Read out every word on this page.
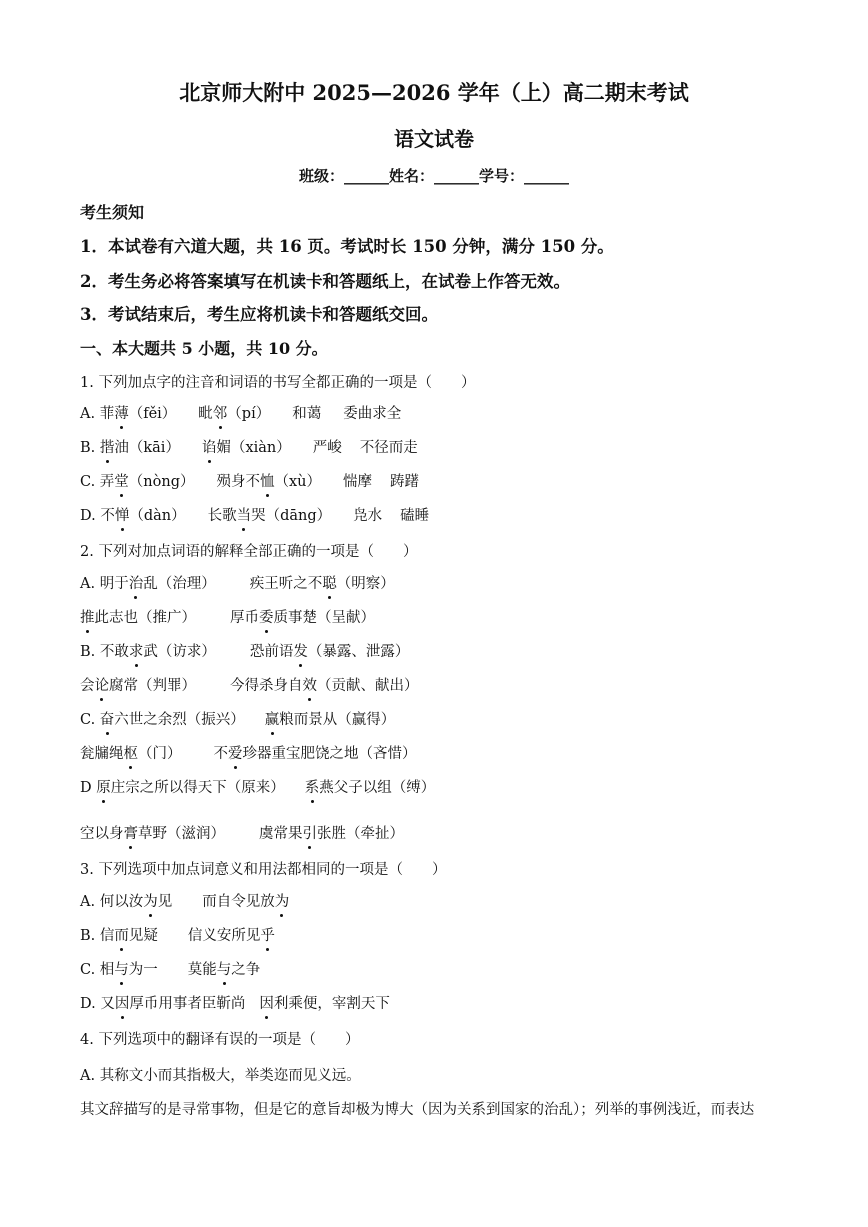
北京师大附中 2025—2026 学年（上）高二期末考试
语文试卷
班级：______姓名：______学号：______
考生须知
1．本试卷有六道大题，共 16 页。考试时长 150 分钟，满分 150 分。
2．考生务必将答案填写在机读卡和答题纸上，在试卷上作答无效。
3．考试结束后，考生应将机读卡和答题纸交回。
一、本大题共 5 小题，共 10 分。
1. 下列加点字的注音和词语的书写全都正确的一项是（　　）
A. 菲薄（fěi） 毗邻（pí） 和蔼 委曲求全
B. 揩油（kāi） 谄媚（xiàn） 严峻 不径而走
C. 弄堂（nòng） 殒身不恤（xù） 惴摩 踌躇
D. 不惮（dàn） 长歌当哭（dāng） 凫水 磕睡
2. 下列对加点词语的解释全部正确的一项是（　　）
A. 明于治乱（治理） 疾王听之不聪（明察）
推此志也（推广） 厚币委质事楚（呈献）
B. 不敢求武（访求） 恐前语发（暴露、泄露）
会论腐常（判罪） 今得杀身自效（贡献、献出）
C. 奋六世之余烈（振兴） 赢粮而景从（赢得）
瓮牖绳枢（门） 不爱珍器重宝肥饶之地（吝惜）
D 原庄宗之所以得天下（原来） 系燕父子以组（缚）
空以身膏草野（滋润） 虞常果引张胜（牵扯）
3. 下列选项中加点词意义和用法都相同的一项是（　　）
A. 何以汝为见 而自令见放为
B. 信而见疑 信义安所见乎
C. 相与为一 莫能与之争
D. 又因厚币用事者臣靳尚 因利乘便，宰割天下
4. 下列选项中的翻译有误的一项是（　　）
A. 其称文小而其指极大，举类迩而见义远。
其文辞描写的是寻常事物，但是它的意旨却极为博大（因为关系到国家的治乱）；列举的事例浅近，而表达
